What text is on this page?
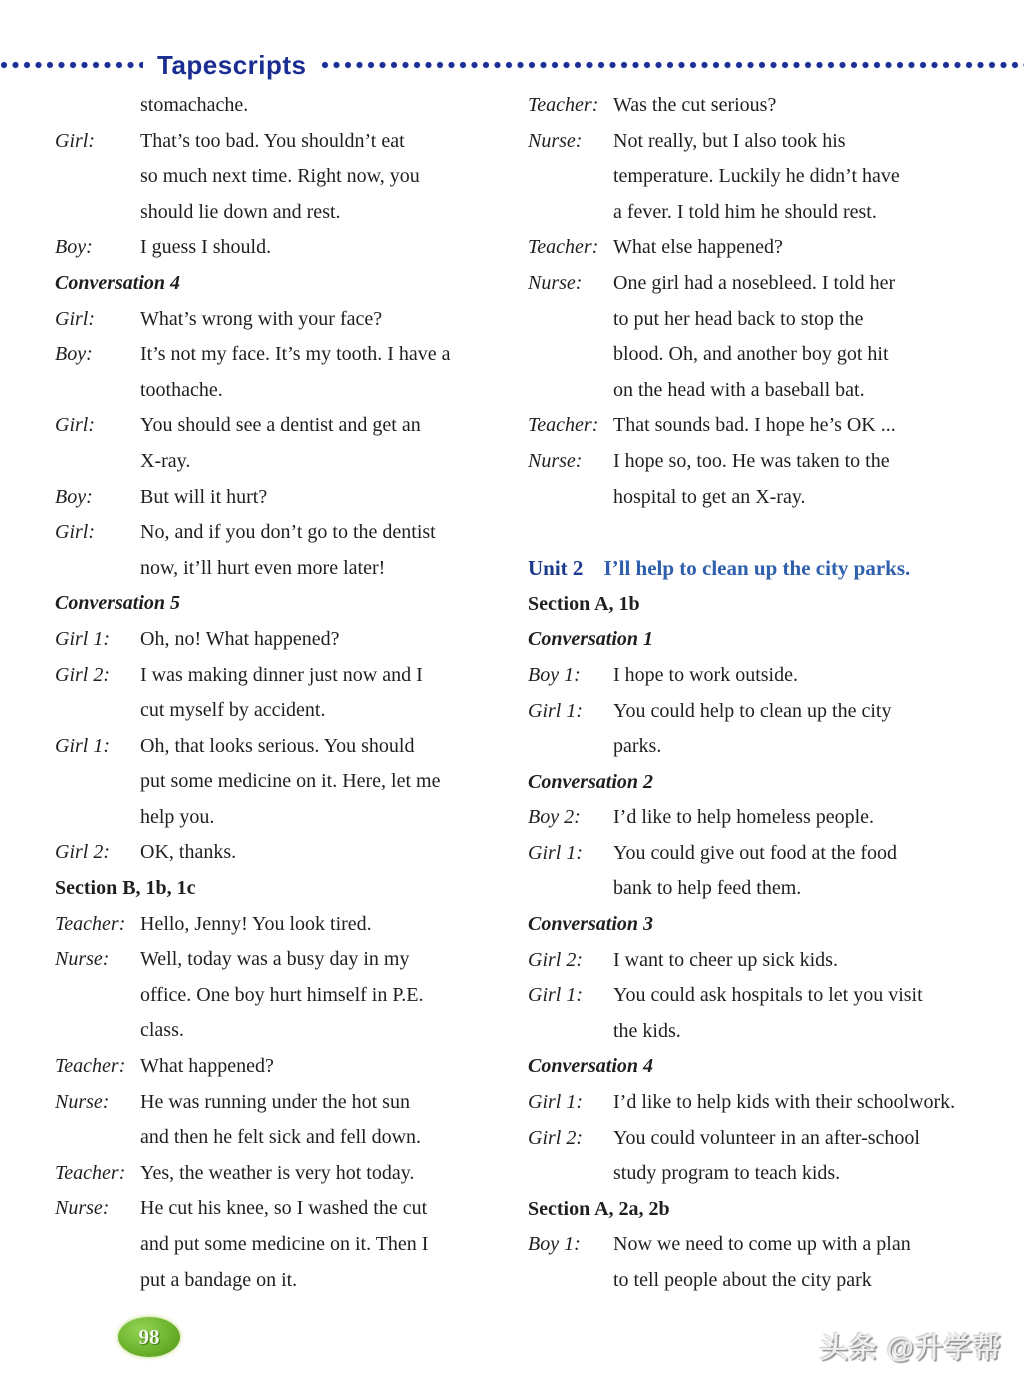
Tapescripts
stomachache.
Girl:	That’s too bad. You shouldn’t eat
so much next time. Right now, you
should lie down and rest.
Boy:	I guess I should.
Conversation 4
Girl:	What’s wrong with your face?
Boy:	It’s not my face. It’s my tooth. I have a
toothache.
Girl:	You should see a dentist and get an
X-ray.
Boy:	But will it hurt?
Girl:	No, and if you don’t go to the dentist
now, it’ll hurt even more later!
Conversation 5
Girl 1:	Oh, no! What happened?
Girl 2:	I was making dinner just now and I
cut myself by accident.
Girl 1:	Oh, that looks serious. You should
put some medicine on it. Here, let me
help you.
Girl 2:	OK, thanks.
Section B, 1b, 1c
Teacher: Hello, Jenny! You look tired.
Nurse:	Well, today was a busy day in my
office. One boy hurt himself in P.E.
class.
Teacher: What happened?
Nurse:	He was running under the hot sun
and then he felt sick and fell down.
Teacher: Yes, the weather is very hot today.
Nurse:	He cut his knee, so I washed the cut
and put some medicine on it. Then I
put a bandage on it.
Teacher: Was the cut serious?
Nurse:	Not really, but I also took his
temperature. Luckily he didn’t have
a fever. I told him he should rest.
Teacher: What else happened?
Nurse:	One girl had a nosebleed. I told her
to put her head back to stop the
blood. Oh, and another boy got hit
on the head with a baseball bat.
Teacher: That sounds bad. I hope he’s OK ...
Nurse:	I hope so, too. He was taken to the
hospital to get an X-ray.
Unit 2 I’ll help to clean up the city parks.
Section A, 1b
Conversation 1
Boy 1:	I hope to work outside.
Girl 1:	You could help to clean up the city
parks.
Conversation 2
Boy 2:	I’d like to help homeless people.
Girl 1:	You could give out food at the food
bank to help feed them.
Conversation 3
Girl 2:	I want to cheer up sick kids.
Girl 1:	You could ask hospitals to let you visit
the kids.
Conversation 4
Girl 1:	I’d like to help kids with their schoolwork.
Girl 2:	You could volunteer in an after-school
study program to teach kids.
Section A, 2a, 2b
Boy 1:	Now we need to come up with a plan
to tell people about the city park
98	头条 @升学帮
